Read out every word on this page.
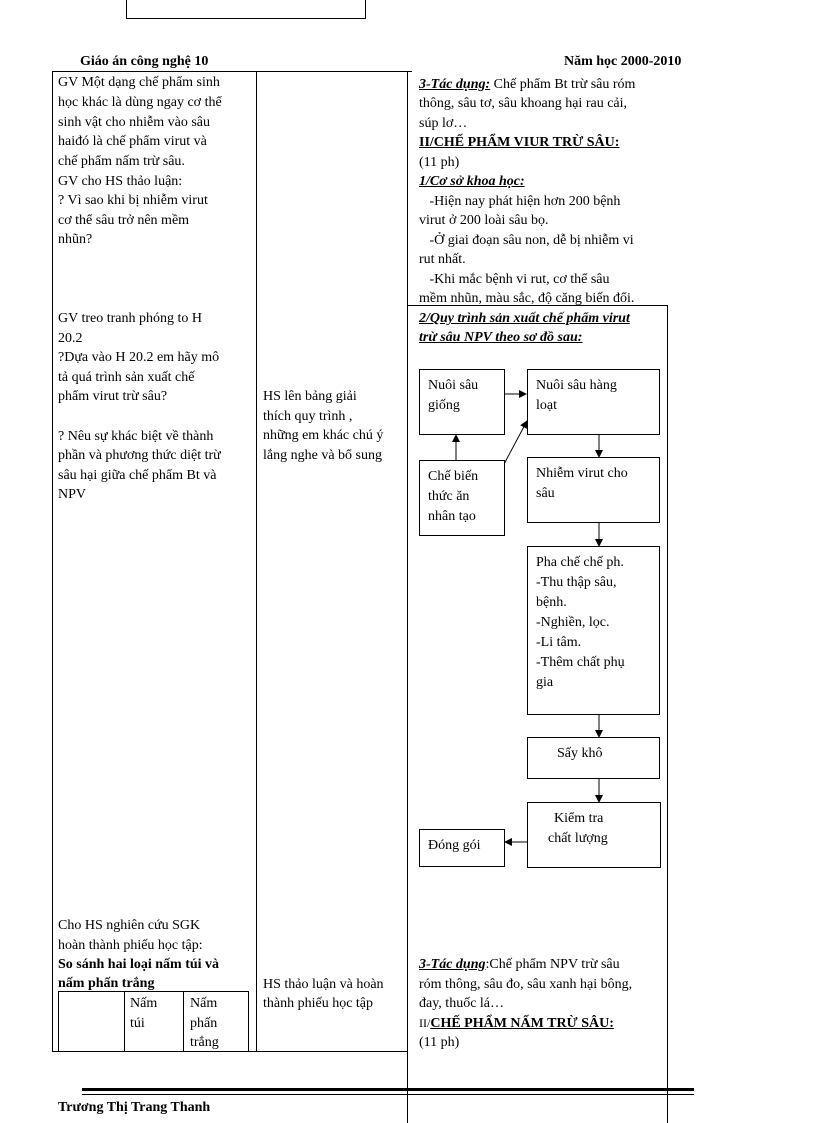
Giáo án công nghệ 10	Năm học 2000-2010
GV Một dạng chế phẩm sinh
học khác là dùng ngay cơ thể
sinh vật cho nhiễm vào sâu
haiđó là chế phẩm virut và
chế phẩm nấm trừ sâu.
GV cho HS thảo luận:
? Vì sao khi bị nhiễm virut
cơ thể sâu trở nên mềm
nhũn?
GV treo tranh phóng to H
20.2
?Dựa vào H 20.2 em hãy mô
tả quá trình sản xuất chế
phẩm virut trừ sâu?
? Nêu sự khác biệt về thành
phần và phương thức diệt trừ
sâu hại giữa chế phẩm Bt và
NPV
Cho HS nghiên cứu SGK
hoàn thành phiếu học tập:
So sánh hai loại nấm túi và
nấm phấn trắng
Nấm
túi
Nấm
phấn
trắng
HS lên bảng giải
thích quy trình ,
những em khác chú ý
lắng nghe và bổ sung
HS thảo luận và hoàn
thành phiếu học tập
3-Tác dụng: Chế phẩm Bt trừ sâu róm
thông, sâu tơ, sâu khoang hại rau cải,
súp lơ…
II/CHẾ PHẨM VIUR TRỪ SÂU:
(11 ph)
1/Cơ sở khoa học:
-Hiện nay phát hiện hơn 200 bệnh
virut ở 200 loài sâu bọ.
-Ở giai đoạn sâu non, dễ bị nhiễm vi
rut nhất.
-Khi mắc bệnh vi rut, cơ thể sâu
mềm nhũn, màu sắc, độ căng biến đổi.
2/Quy trình sản xuất chế phẩm virut
trừ sâu NPV theo sơ đồ sau:
Nuôi sâu
giống
Nuôi sâu hàng
loạt
Chế biến
thức ăn
nhân tạo
Nhiễm virut cho
sâu
Pha chế chế ph.
-Thu thập sâu,
bệnh.
-Nghiền, lọc.
-Li tâm.
-Thêm chất phụ
gia
Sấy khô
Kiểm tra
chất lượng
Đóng gói
3-Tác dụng:Chế phẩm NPV trừ sâu
róm thông, sâu đo, sâu xanh hại bông,
đay, thuốc lá…
II/CHẾ PHẨM NẤM TRỪ SÂU:
(11 ph)
Trương Thị Trang Thanh
